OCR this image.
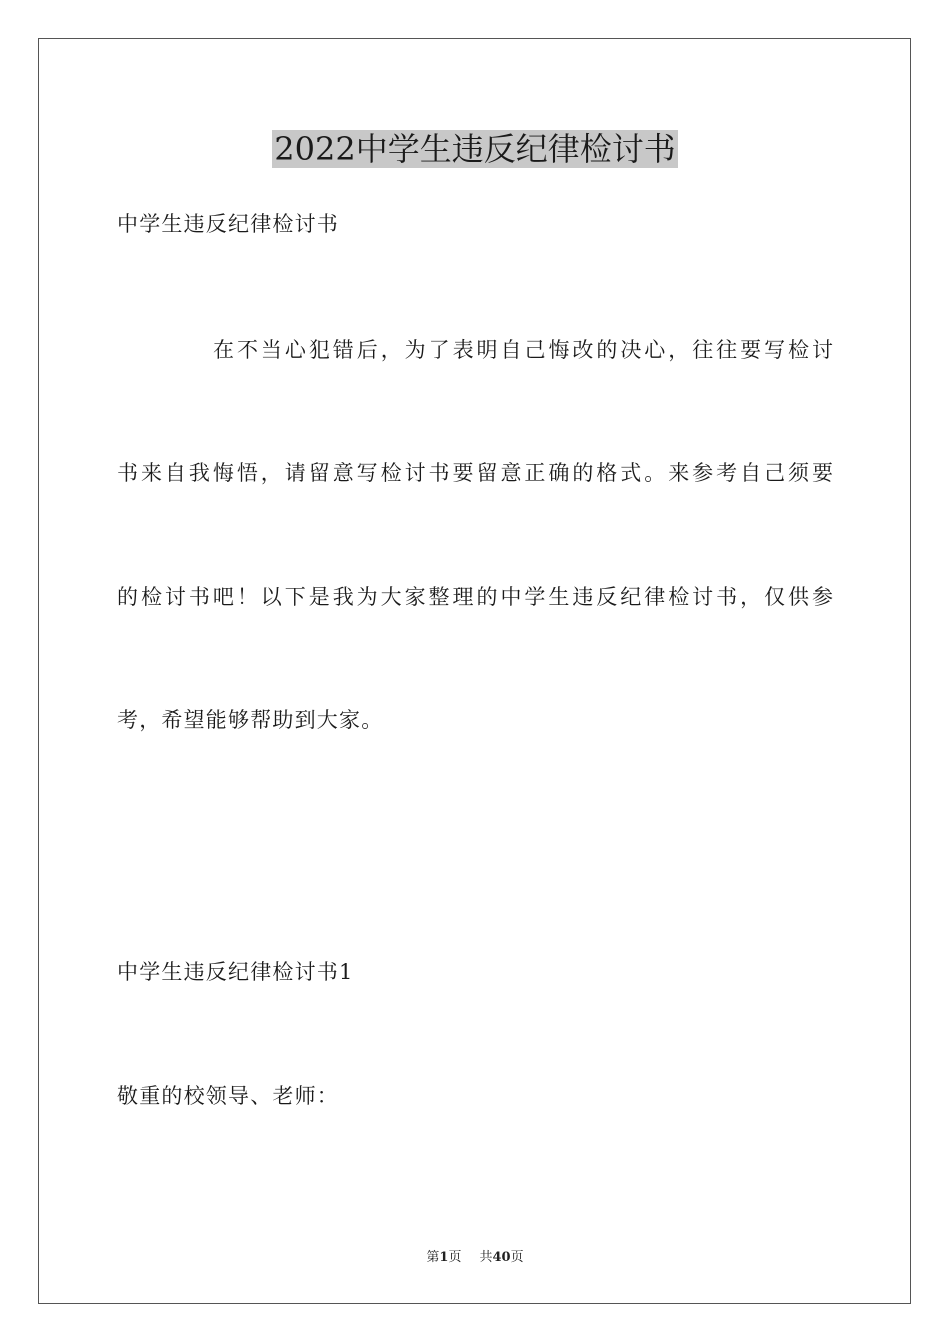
2022中学生违反纪律检讨书

中学生违反纪律检讨书

在不当心犯错后，为了表明自己悔改的决心，往往要写检讨

书来自我悔悟，请留意写检讨书要留意正确的格式。来参考自己须要

的检讨书吧！以下是我为大家整理的中学生违反纪律检讨书，仅供参

考，希望能够帮助到大家。

中学生违反纪律检讨书1

敬重的校领导、老师：

第1页 共40页
